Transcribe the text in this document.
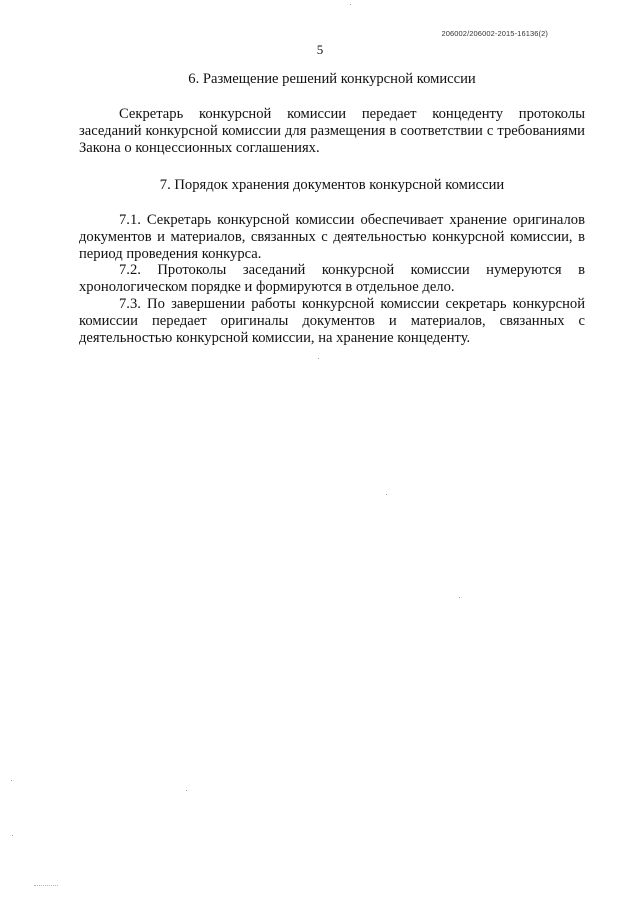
206002/206002-2015-16136(2)
5
6. Размещение решений конкурсной комиссии

Секретарь конкурсной комиссии передает концеденту протоколы заседаний конкурсной комиссии для размещения в соответствии с требованиями Закона о концессионных соглашениях.

7. Порядок хранения документов конкурсной комиссии

7.1. Секретарь конкурсной комиссии обеспечивает хранение оригиналов документов и материалов, связанных с деятельностью конкурсной комиссии, в период проведения конкурса.

7.2. Протоколы заседаний конкурсной комиссии нумеруются в хронологическом порядке и формируются в отдельное дело.

7.3. По завершении работы конкурсной комиссии секретарь конкурсной комиссии передает оригиналы документов и материалов, связанных с деятельностью конкурсной комиссии, на хранение концеденту.
